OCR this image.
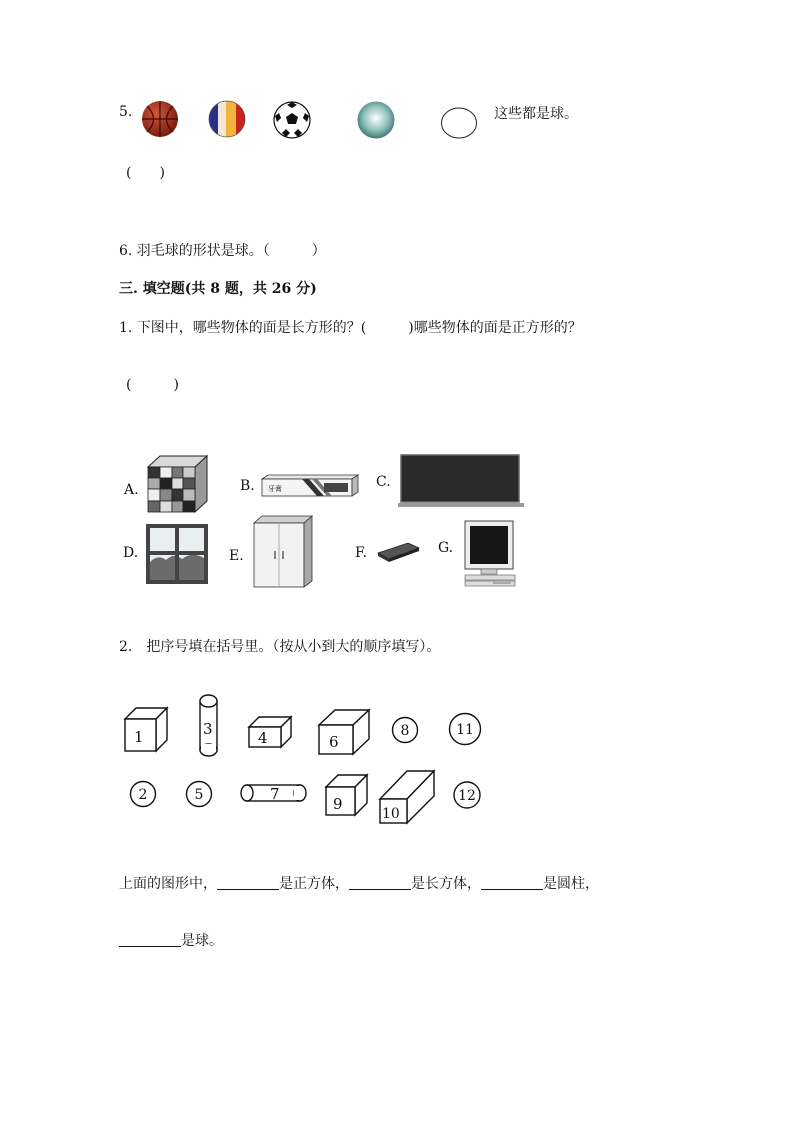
5.	这些都是球。
(　　)
6. 羽毛球的形状是球。（　　　）
三. 填空题(共 8 题，共 26 分)
1. 下图中，哪些物体的面是长方形的？(　　　)哪些物体的面是正方形的？
(　　　)
A.	B. 牙膏	C.
D.	E.	F.	G.
2.　把序号填在括号里。（按从小到大的顺序填写）。
1	3	4	6
8	11
2	5	7
9
10
12
上面的图形中，	是正方体，	是长方体，	是圆柱，
是球。
